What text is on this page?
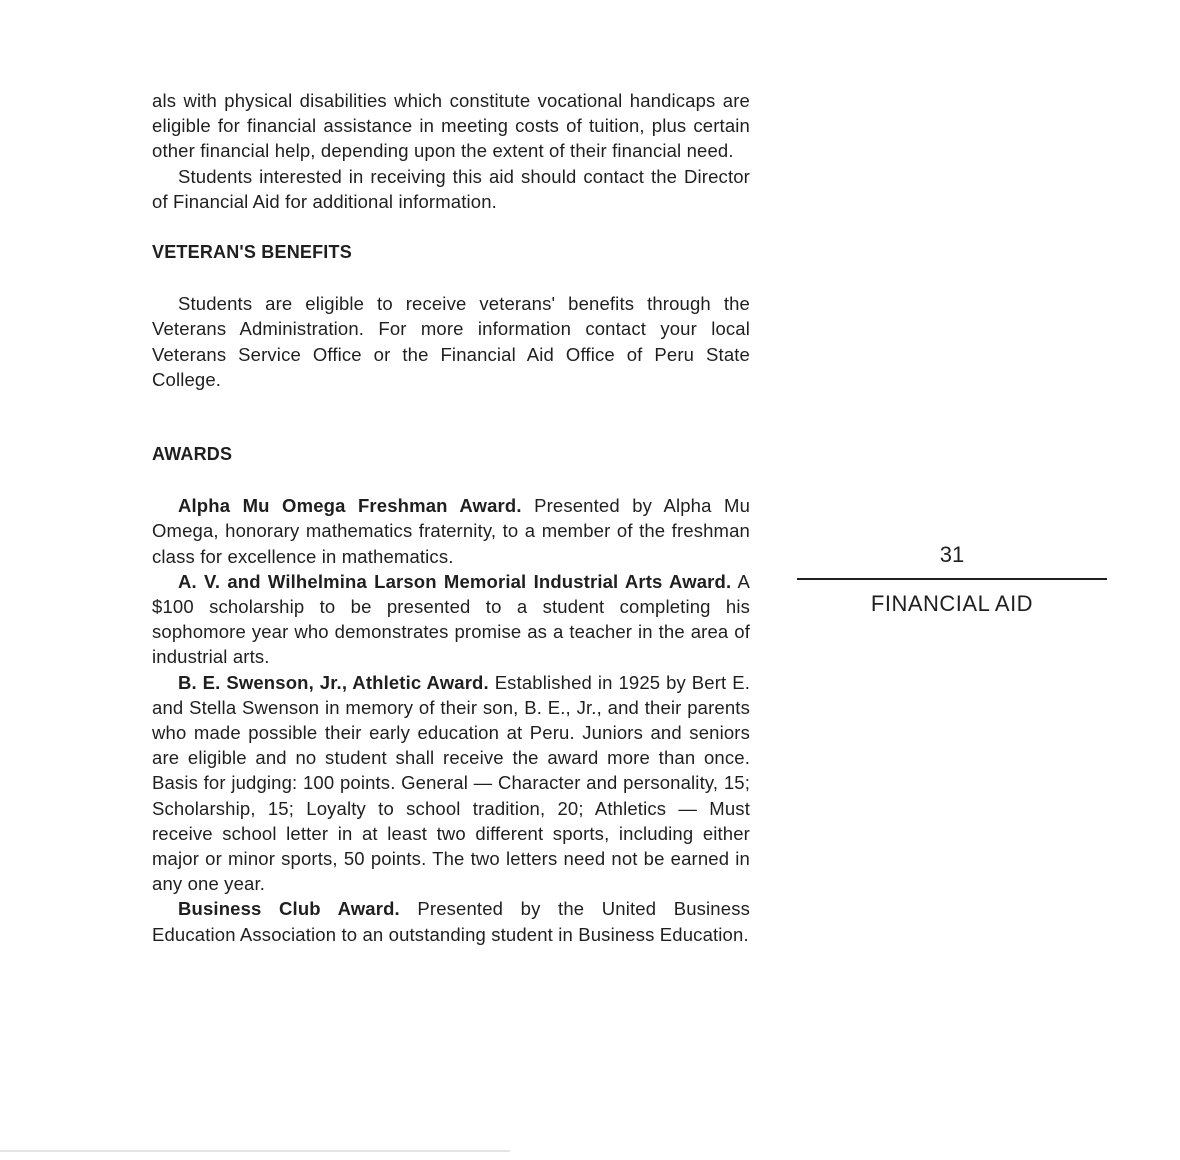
als with physical disabilities which constitute vocational handicaps are eligible for financial assistance in meeting costs of tuition, plus certain other financial help, depending upon the extent of their financial need.

Students interested in receiving this aid should contact the Director of Financial Aid for additional information.

VETERAN'S BENEFITS

Students are eligible to receive veterans' benefits through the Veterans Administration. For more information contact your local Veterans Service Office or the Financial Aid Office of Peru State College.

AWARDS

Alpha Mu Omega Freshman Award. Presented by Alpha Mu Omega, honorary mathematics fraternity, to a member of the freshman class for excellence in mathematics.

A. V. and Wilhelmina Larson Memorial Industrial Arts Award. A $100 scholarship to be presented to a student completing his sophomore year who demonstrates promise as a teacher in the area of industrial arts.

B. E. Swenson, Jr., Athletic Award. Established in 1925 by Bert E. and Stella Swenson in memory of their son, B. E., Jr., and their parents who made possible their early education at Peru. Juniors and seniors are eligible and no student shall receive the award more than once. Basis for judging: 100 points. General — Character and personality, 15; Scholarship, 15; Loyalty to school tradition, 20; Athletics — Must receive school letter in at least two different sports, including either major or minor sports, 50 points. The two letters need not be earned in any one year.

Business Club Award. Presented by the United Business Education Association to an outstanding student in Business Education.

31
FINANCIAL AID
